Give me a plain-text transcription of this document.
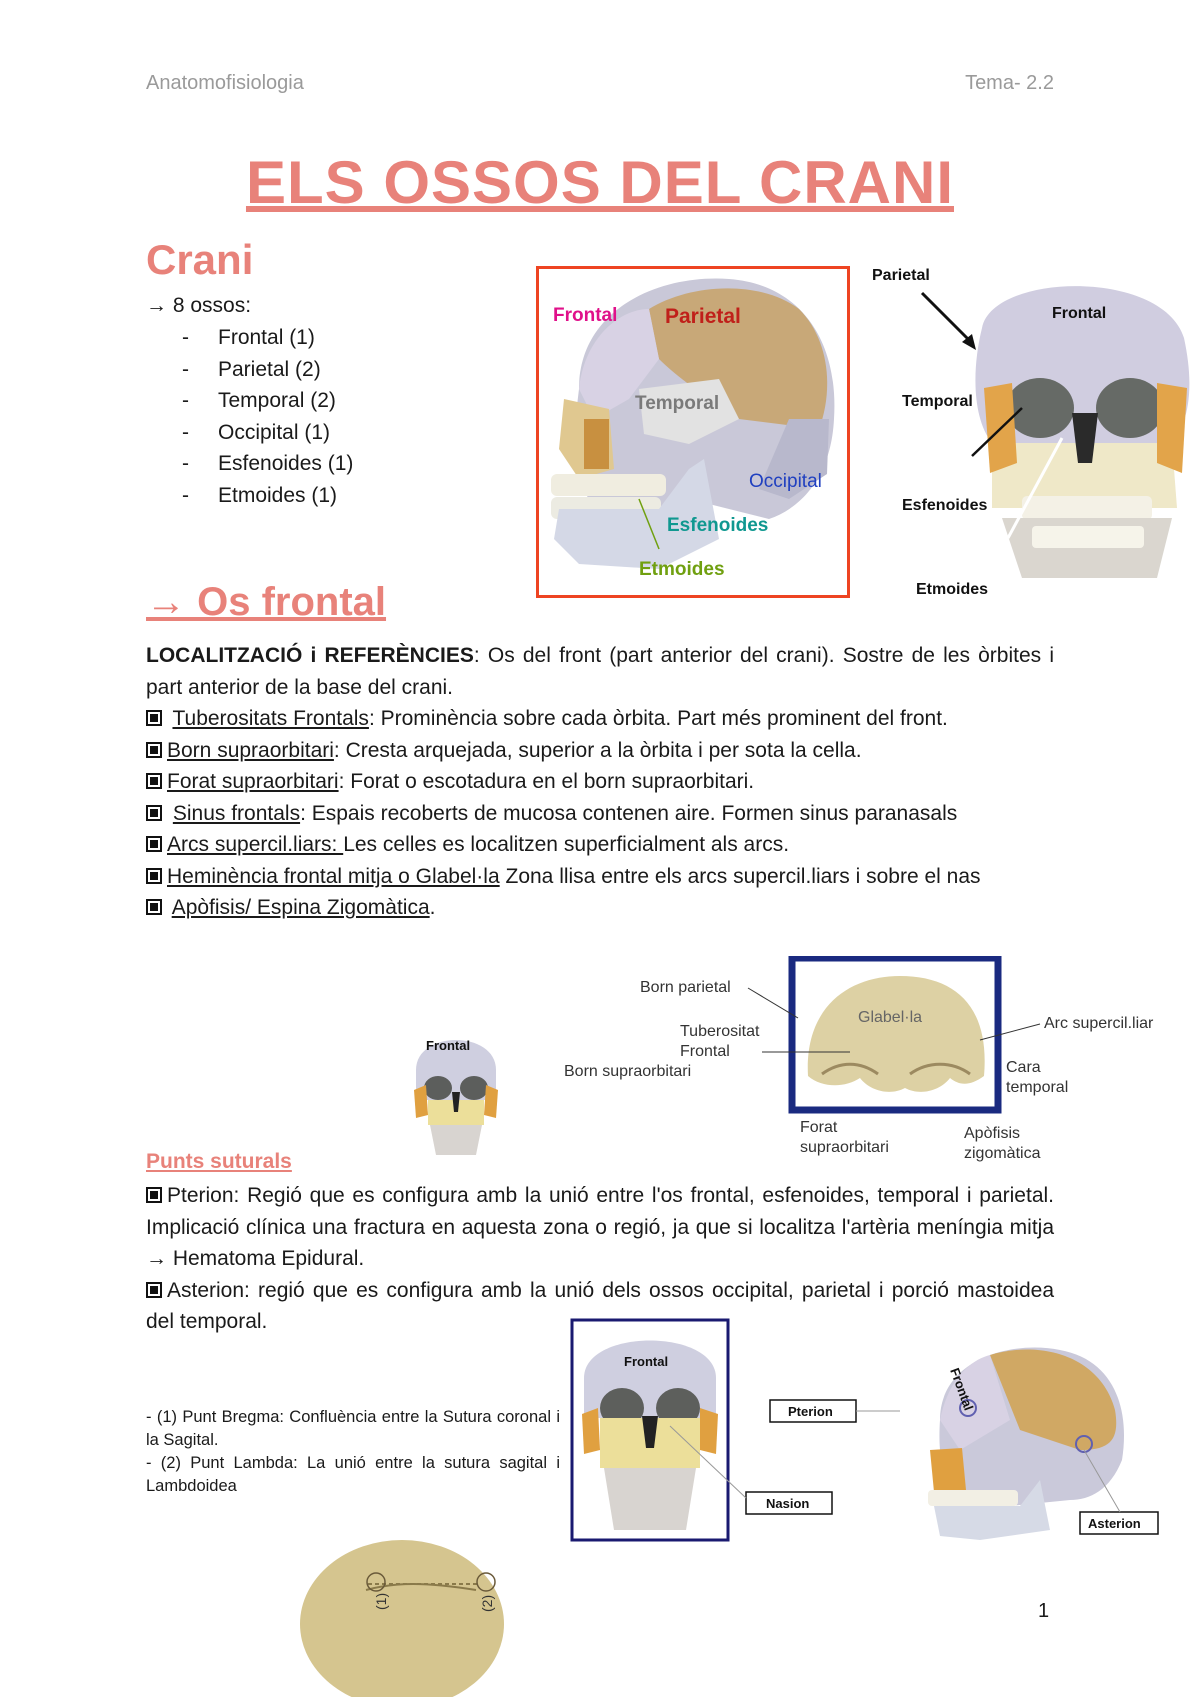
Anatomofisiologia	Tema- 2.2
ELS OSSOS DEL CRANI
Crani
→ 8 ossos:
- Frontal (1)
- Parietal (2)
- Temporal (2)
- Occipital (1)
- Esfenoides (1)
- Etmoides (1)
Frontal Parietal
Temporal
Occipital
Esfenoides
Etmoides
Parietal
Frontal
Temporal
Esfenoides
Etmoides
→ Os frontal
LOCALITZACIÓ i REFERÈNCIES: Os del front (part anterior del crani). Sostre de les òrbites i part anterior de la base del crani.
Tuberositats Frontals: Prominència sobre cada òrbita. Part més prominent del front.
Born supraorbitari: Cresta arquejada, superior a la òrbita i per sota la cella.
Forat supraorbitari: Forat o escotadura en el born supraorbitari.
Sinus frontals: Espais recoberts de mucosa contenen aire. Formen sinus paranasals
Arcs supercil.liars: Les celles es localitzen superficialment als arcs.
Heminència frontal mitja o Glabel·la Zona llisa entre els arcs supercil.liars i sobre el nas
Apòfisis/ Espina Zigomàtica.
Frontal
Born parietal
Glabel·la
Tuberositat
Frontal
Born supraorbitari
Arc supercil.liar
Cara
temporal
Forat
supraorbitari
Apòfisis
zigomàtica
Punts suturals
Pterion: Regió que es configura amb la unió entre l'os frontal, esfenoides, temporal i parietal. Implicació clínica una fractura en aquesta zona o regió, ja que si localitza l'artèria meníngia mitja → Hematoma Epidural.
Asterion: regió que es configura amb la unió dels ossos occipital, parietal i porció mastoidea del temporal.
- (1) Punt Bregma: Confluència entre la Sutura coronal i la Sagital.
- (2) Punt Lambda: La unió entre la sutura sagital i Lambdoidea
Frontal
Pterion
Nasion
Frontal
Asterion
(1)	(2)	1
